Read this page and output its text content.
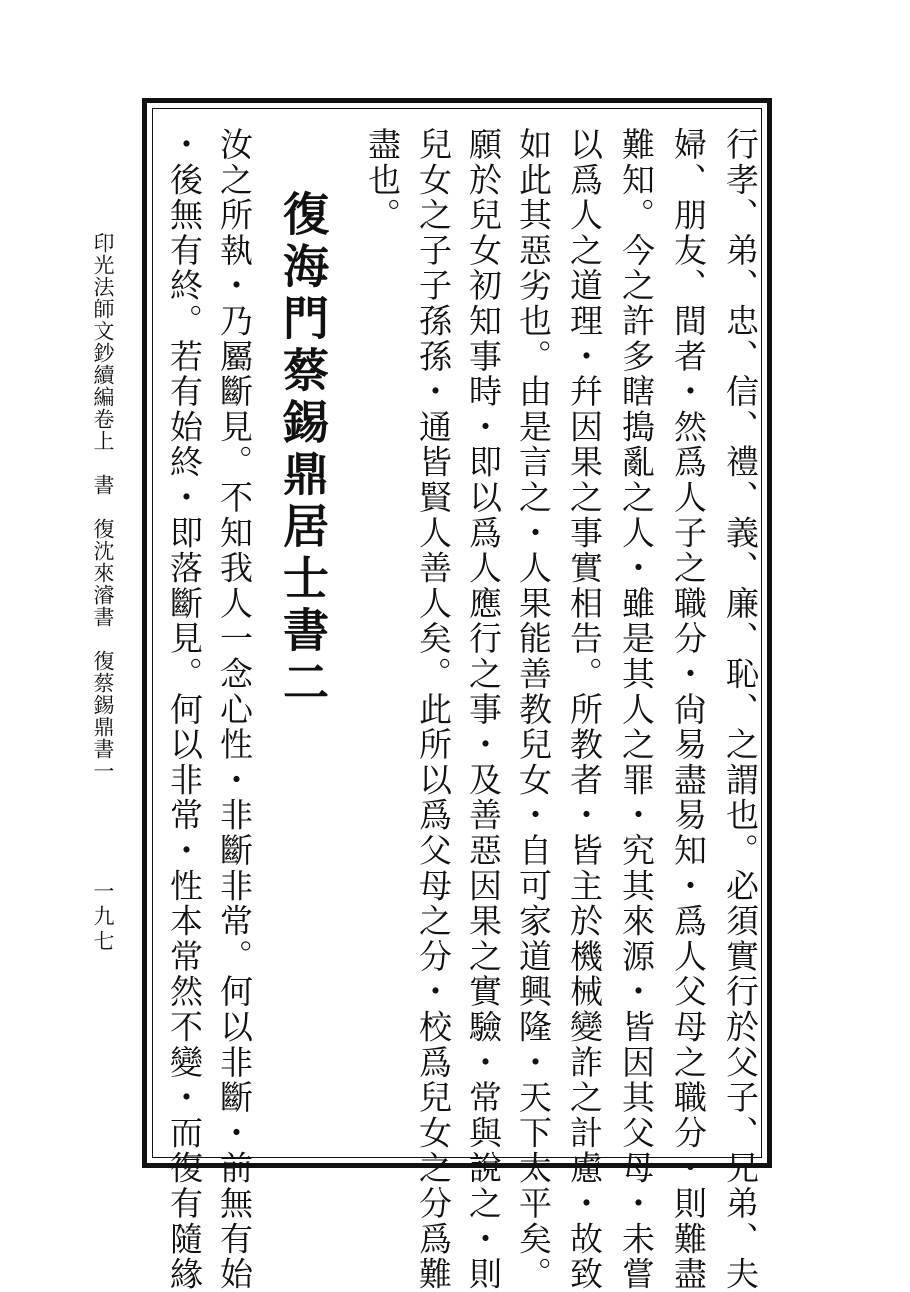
印光法師文鈔續編卷上　書　復沈來濬書　復蔡錫鼎書一
一九七	行孝、弟、忠、信、禮、義、廉、恥、之謂也。必須實行於父子、兄弟、夫
婦、朋友、間者・然爲人子之職分・尙易盡易知・爲人父母之職分・則難盡
難知。今之許多瞎搗亂之人・雖是其人之罪・究其來源・皆因其父母・未嘗
以爲人之道理・幷因果之事實相告。所教者・皆主於機械變詐之計慮・故致
如此其惡劣也。由是言之・人果能善教兒女・自可家道興隆・天下太平矣。
願於兒女初知事時・即以爲人應行之事・及善惡因果之實驗・常與說之・則
兒女之子子孫孫・通皆賢人善人矣。此所以爲父母之分・校爲兒女之分爲難
盡也。
復海門蔡錫鼎居士書二
汝之所執・乃屬斷見。不知我人一念心性・非斷非常。何以非斷・前無有始
・後無有終。若有始終・即落斷見。何以非常・性本常然不變・而復有隨緣
